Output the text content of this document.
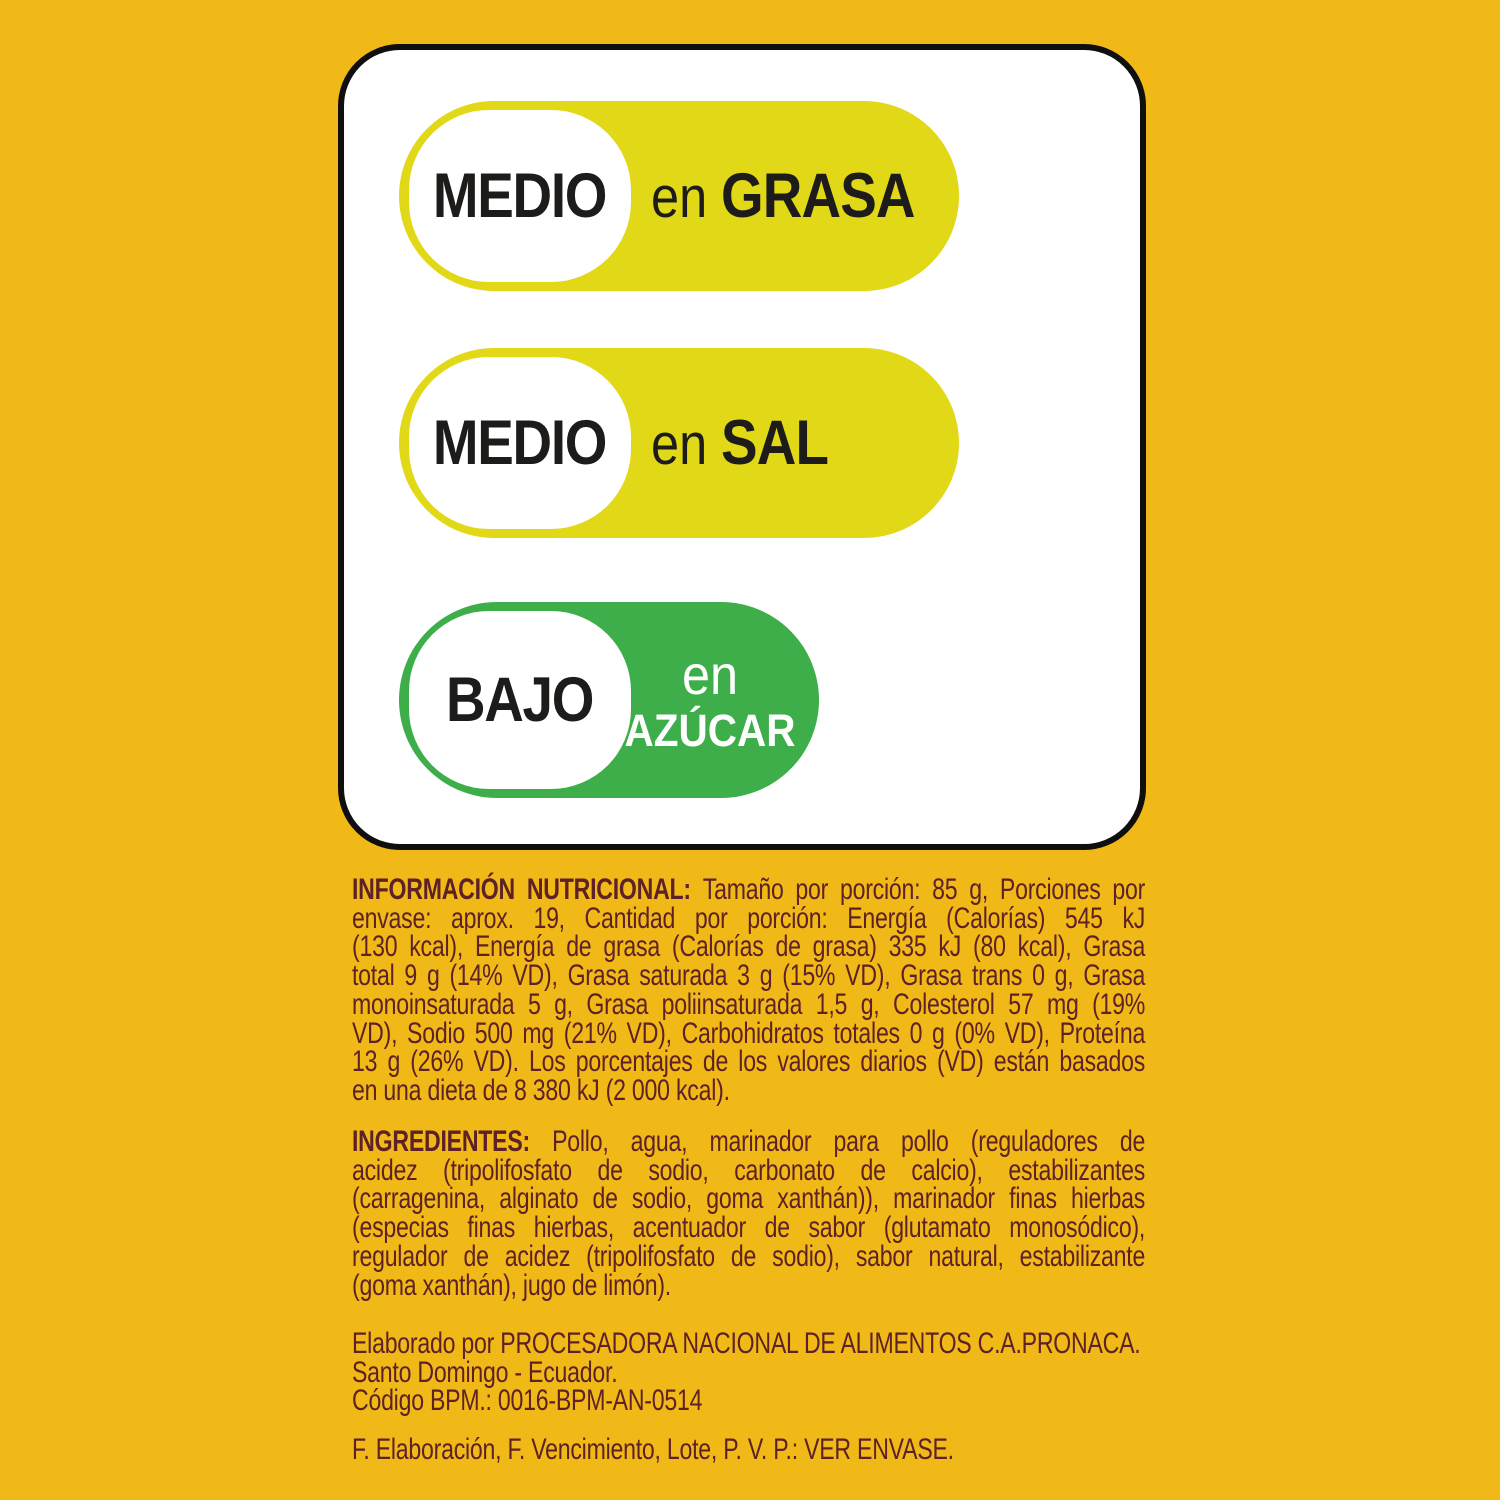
MEDIO en GRASA
MEDIO en SAL
BAJO en
AZÚCAR
INFORMACIÓN NUTRICIONAL: Tamaño por porción: 85 g, Porciones por
envase: aprox. 19, Cantidad por porción: Energía (Calorías) 545 kJ
(130 kcal), Energía de grasa (Calorías de grasa) 335 kJ (80 kcal), Grasa
total 9 g (14% VD), Grasa saturada 3 g (15% VD), Grasa trans 0 g, Grasa
monoinsaturada 5 g, Grasa poliinsaturada 1,5 g, Colesterol 57 mg (19%
VD), Sodio 500 mg (21% VD), Carbohidratos totales 0 g (0% VD), Proteína
13 g (26% VD). Los porcentajes de los valores diarios (VD) están basados
en una dieta de 8 380 kJ (2 000 kcal).
INGREDIENTES: Pollo, agua, marinador para pollo (reguladores de
acidez (tripolifosfato de sodio, carbonato de calcio), estabilizantes
(carragenina, alginato de sodio, goma xanthán)), marinador finas hierbas
(especias finas hierbas, acentuador de sabor (glutamato monosódico),
regulador de acidez (tripolifosfato de sodio), sabor natural, estabilizante
(goma xanthán), jugo de limón).
Elaborado por PROCESADORA NACIONAL DE ALIMENTOS C.A.PRONACA.
Santo Domingo - Ecuador.
Código BPM.: 0016-BPM-AN-0514
F. Elaboración, F. Vencimiento, Lote, P. V. P.: VER ENVASE.
